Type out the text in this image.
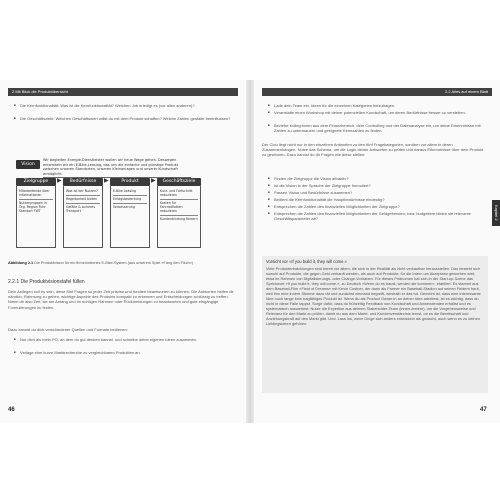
2 Mit Blick die Produktübersicht
■ Die Kernfunktionalität: Was ist die Kernfunktionalität? Welchen Job erledigt es (vor allen anderen)?
■ Die Geschäftsziele: Welchen Geschäftswert willst du mit dem Produkt schaffen? Welche Zahlen gestalte beeinflussen?
Vision
Wir begleiten Energie-Dienstleister wollen wir neue Wege gehen. Deswegen entwickeln wir ein E-Bike-Leasing, das uns die einfache und günstige Produkt zwischen unseren Standorten, unseren Kleinanlagen und unserer Kundschaft ermöglicht.
Zielgruppe
Mitarbeitende über Informationen
Nutzergruppen in Org. Region Fuhr Standort FWT
▶	Bedürfnisse
Was ist der Nutzen?
Regelbarkeit bieten
Gefälle & sicheres Transport
▶	Produkt
E-Bike Leasing
Erfolgsbewertung
Verbesserung
▶	Geschäftsziele
Kurz- und Fortschritt reduzieren
Kosten für Fahrradflotten reduzieren
Kundenbindung fördern
Abbildung 2.1 Die Produktvision für ein firmeninternes E-Bike-System (aus unserem Spiel »Fang den Fisch«)
2.2.1 Die Produktvisionstafel füllen
Dein Anliegen soll es sein, diese fünf Fragen so jeder Zeit präzise und fundiert beantworten zu können. Die Antworten helfen dir nämlich, Rahmung zu geben, wichtige Aspekte des Produkts kompakt zu erkennen und Entscheidungen schlüssig zu treffen. Nimm dir also Zeit, sie am Anfang und im richtigen Rahmen oder Rückmeldungen zu beantworten und gute eingängige Formulierungen zu finden.
Dazu kannst du dich verschiedener Quellen und Formate bedienen:
■ Nur dich als mein PO, an dem du gut denken kannst, und schreibe deine eigenen Ideen zusammen.
■ Verlage eine kurze Marktrecherche zu vergleichbaren Produkten an.
46
2.2 Alles auf einem Blatt
■ Lade dein Team ein, Ideen für die einzelnen Kategorien beizutragen.
■ Veranstalte einen Workshop mit deiner potenziellen Kundschaft, um deren Bedürfnisse besser zu verstehen.
■ Beziehe Kolleg:innen aus dem Finanzbereich, dem Controlling und der Datenanalyse ein, um deine Erkenntnisse mit Zahlen zu untermauern und geeignete Kennzahlen zu finden.
Der Clou liegt nicht nur in den einzelnen Antworten zu den fünf Fragekategorien, sondern vor allem in deren Zusammenhängen. Nutze das Schema, um die Logik deiner Antworten zu prüfen und daraus Erkenntnisse über dein Produkt zu gewinnen. Dazu kannst du dir Fragen wie diese stellen:
■ Finden die Zielgruppe die Vision attraktiv?
■ Ist die Vision in der Sprache der Zielgruppe formuliert?
■ Passen Vision und Bedürfnisse zusammen?
■ Bedient die Kernfunktionalität die Hauptbedürfnisse eindeutig?
■ Entsprechen die Zahlen den finanziellen Möglichkeiten der Zielgruppe?
■ Entsprechen die Zahlen den finanziellen Möglichkeiten der Geldgebenden, bzw. budgetiere bilden sie relevante Geschäftsparameter ab?
Vorsicht vor »If you build it, they will come.«
Viele Produktentwicklungen sind bereit vor allem, die sich in der Realität als nicht verkaufbar herausstellen. Das besteht sich sowohl auf Produkte, die gegen Geld verkauft werden, als auch auf Produkte, für die Intern um Akzeptanz geworben wird, etwa im Rahmen von Digitalisierungs- oder Change-Vorhaben. Für dieses Phänomen hat sich in der Start-up-Szene das Sprichwort »If you build it, they will come.«, zu Deutsch »Wenn du es baust, werden sie kommen«, etabliert. Es stammt aus dem Baseball-Film »Field of Dreams« mit Kevin Costner, der darin als Farmer ein Baseball-Stadion auf seinen Feldern baut, weil ihm eine innere Stimme dazu rät und zunächst niemand begreift, weshalb er das tut. Gemeint ist, dass eine interessante Idee noch lange kein tragfähiges Produkt ist. Wenn du als Product Owner:in an deiner Idee arbeitest, ist es wichtig, dass du nicht in diese Falle tappst. Sorge dafür, dass du frühzeitig Feedback von Kundschaft und Anwendenden erhältst und es systematisch auswertest. Nutze die Expertise aus deinem Stakeholder-Team (innen-/extern), um die Vorgehensweise und Relevanz für den Markt zu prüfen, damit du aus dem Markt- und Kundenverständnis lernst, ob es die Bereitschaft und Anziehungskraft auf den Markt gibt. Und: Lass los, wenn Dinge sich anders entwickeln als gedacht, auch wenn es zu deinen Lieblingsideen gehören.
Kapitel 2
47
